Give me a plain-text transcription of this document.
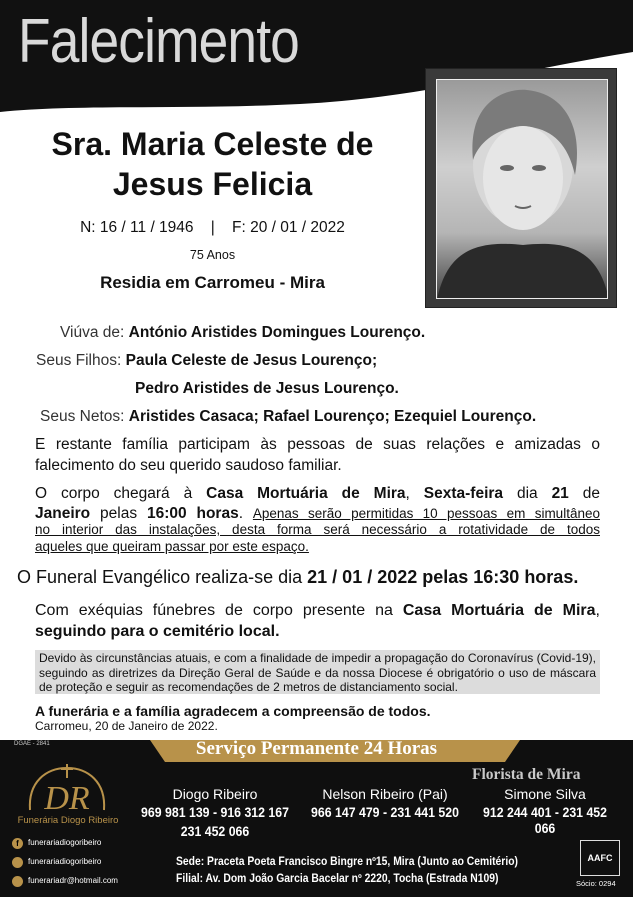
Falecimento
Sra. Maria Celeste de
Jesus Felicia
N: 16 / 11 / 1946    |    F: 20 / 01 / 2022
75 Anos
Residia em Carromeu - Mira
Viúva de: António Aristides Domingues Lourenço.
Seus Filhos: Paula Celeste de Jesus Lourenço;
Pedro Aristides de Jesus Lourenço.
Seus Netos: Aristides Casaca; Rafael Lourenço; Ezequiel Lourenço.
E restante família participam às pessoas de suas relações e amizadas o
falecimento do seu querido saudoso familiar.
O corpo chegará à Casa Mortuária de Mira, Sexta-feira dia 21 de
Janeiro pelas 16:00 horas. Apenas serão permitidas 10 pessoas em simultâneo
no interior das instalações, desta forma será necessário a rotatividade de todos
aqueles que queiram passar por este espaço.
O Funeral Evangélico realiza-se dia 21 / 01 / 2022 pelas 16:30 horas.
Com exéquias fúnebres de corpo presente na Casa Mortuária de Mira,
seguindo para o cemitério local.
Devido às circunstâncias atuais, e com a finalidade de impedir a propagação do Coronavírus (Covid-19), seguindo as diretrizes da Direção Geral de Saúde e da nossa Diocese é obrigatório o uso de máscara de proteção e seguir as recomendações de 2 metros de distanciamento social.
A funerária e a família agradecem a compreensão de todos.
Carromeu, 20 de Janeiro de 2022.
Serviço Permanente 24 Horas
DGAE - 2841
DR
Funerária Diogo Ribeiro
Florista de Mira
Diogo Ribeiro
969 981 139 - 916 312 167
231 452 066
Nelson Ribeiro (Pai)
966 147 479 - 231 441 520
Simone Silva
912 244 401 - 231 452 066
f	funerariadiogoribeiro
funerariadiogoribeiro
funerariadr@hotmail.com
Sede: Praceta Poeta Francisco Bingre nº15, Mira (Junto ao Cemitério)
Filial: Av. Dom João Garcia Bacelar nº 2220, Tocha (Estrada N109)
AAFC
Sócio: 0294
